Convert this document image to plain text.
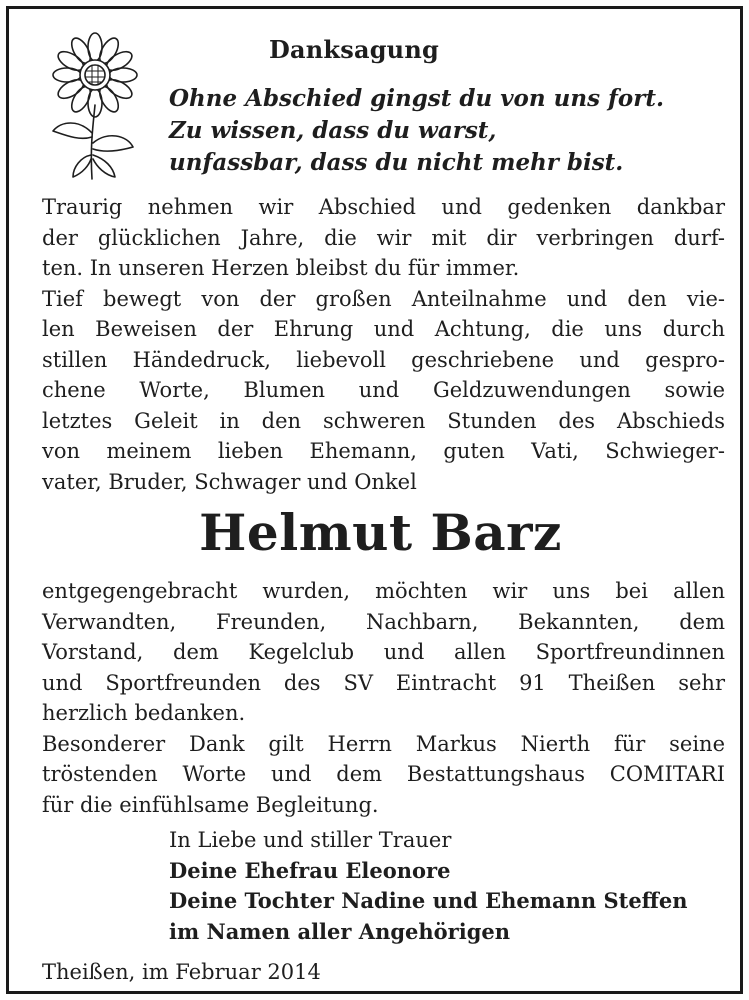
Danksagung
Ohne Abschied gingst du von uns fort.
Zu wissen, dass du warst,
unfassbar, dass du nicht mehr bist.
Traurig nehmen wir Abschied und gedenken dankbar
der glücklichen Jahre, die wir mit dir verbringen durf-
ten. In unseren Herzen bleibst du für immer.
Tief bewegt von der großen Anteilnahme und den vie-
len Beweisen der Ehrung und Achtung, die uns durch
stillen Händedruck, liebevoll geschriebene und gespro-
chene Worte, Blumen und Geldzuwendungen sowie
letztes Geleit in den schweren Stunden des Abschieds
von meinem lieben Ehemann, guten Vati, Schwieger-
vater, Bruder, Schwager und Onkel
Helmut Barz
entgegengebracht wurden, möchten wir uns bei allen
Verwandten, Freunden, Nachbarn, Bekannten, dem
Vorstand, dem Kegelclub und allen Sportfreundinnen
und Sportfreunden des SV Eintracht 91 Theißen sehr
herzlich bedanken.
Besonderer Dank gilt Herrn Markus Nierth für seine
tröstenden Worte und dem Bestattungshaus COMITARI
für die einfühlsame Begleitung.
In Liebe und stiller Trauer
Deine Ehefrau Eleonore
Deine Tochter Nadine und Ehemann Steffen
im Namen aller Angehörigen
Theißen, im Februar 2014
